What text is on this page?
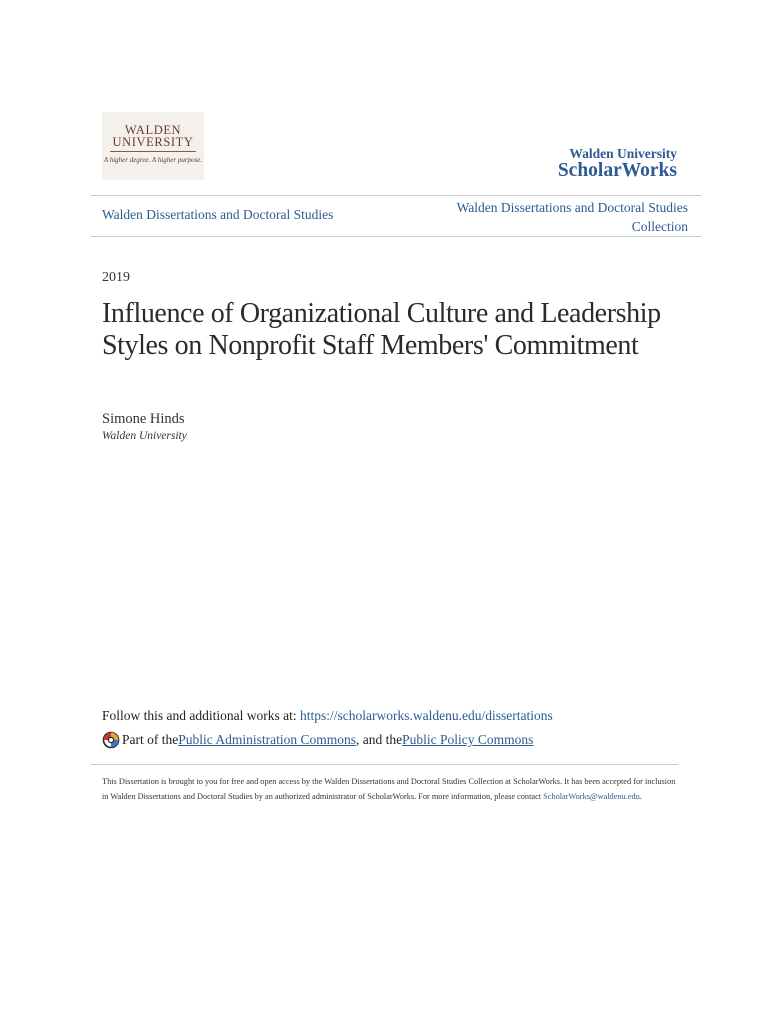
WALDEN
UNIVERSITY
A higher degree. A higher purpose.	Walden University
ScholarWorks
Walden Dissertations and Doctoral Studies	Walden Dissertations and Doctoral Studies Collection
2019
Influence of Organizational Culture and Leadership Styles on Nonprofit Staff Members' Commitment
Simone Hinds
Walden University
Follow this and additional works at: https://scholarworks.waldenu.edu/dissertations
Part of the Public Administration Commons , and the Public Policy Commons
This Dissertation is brought to you for free and open access by the Walden Dissertations and Doctoral Studies Collection at ScholarWorks. It has been accepted for inclusion in Walden Dissertations and Doctoral Studies by an authorized administrator of ScholarWorks. For more information, please contact ScholarWorks@waldenu.edu.
